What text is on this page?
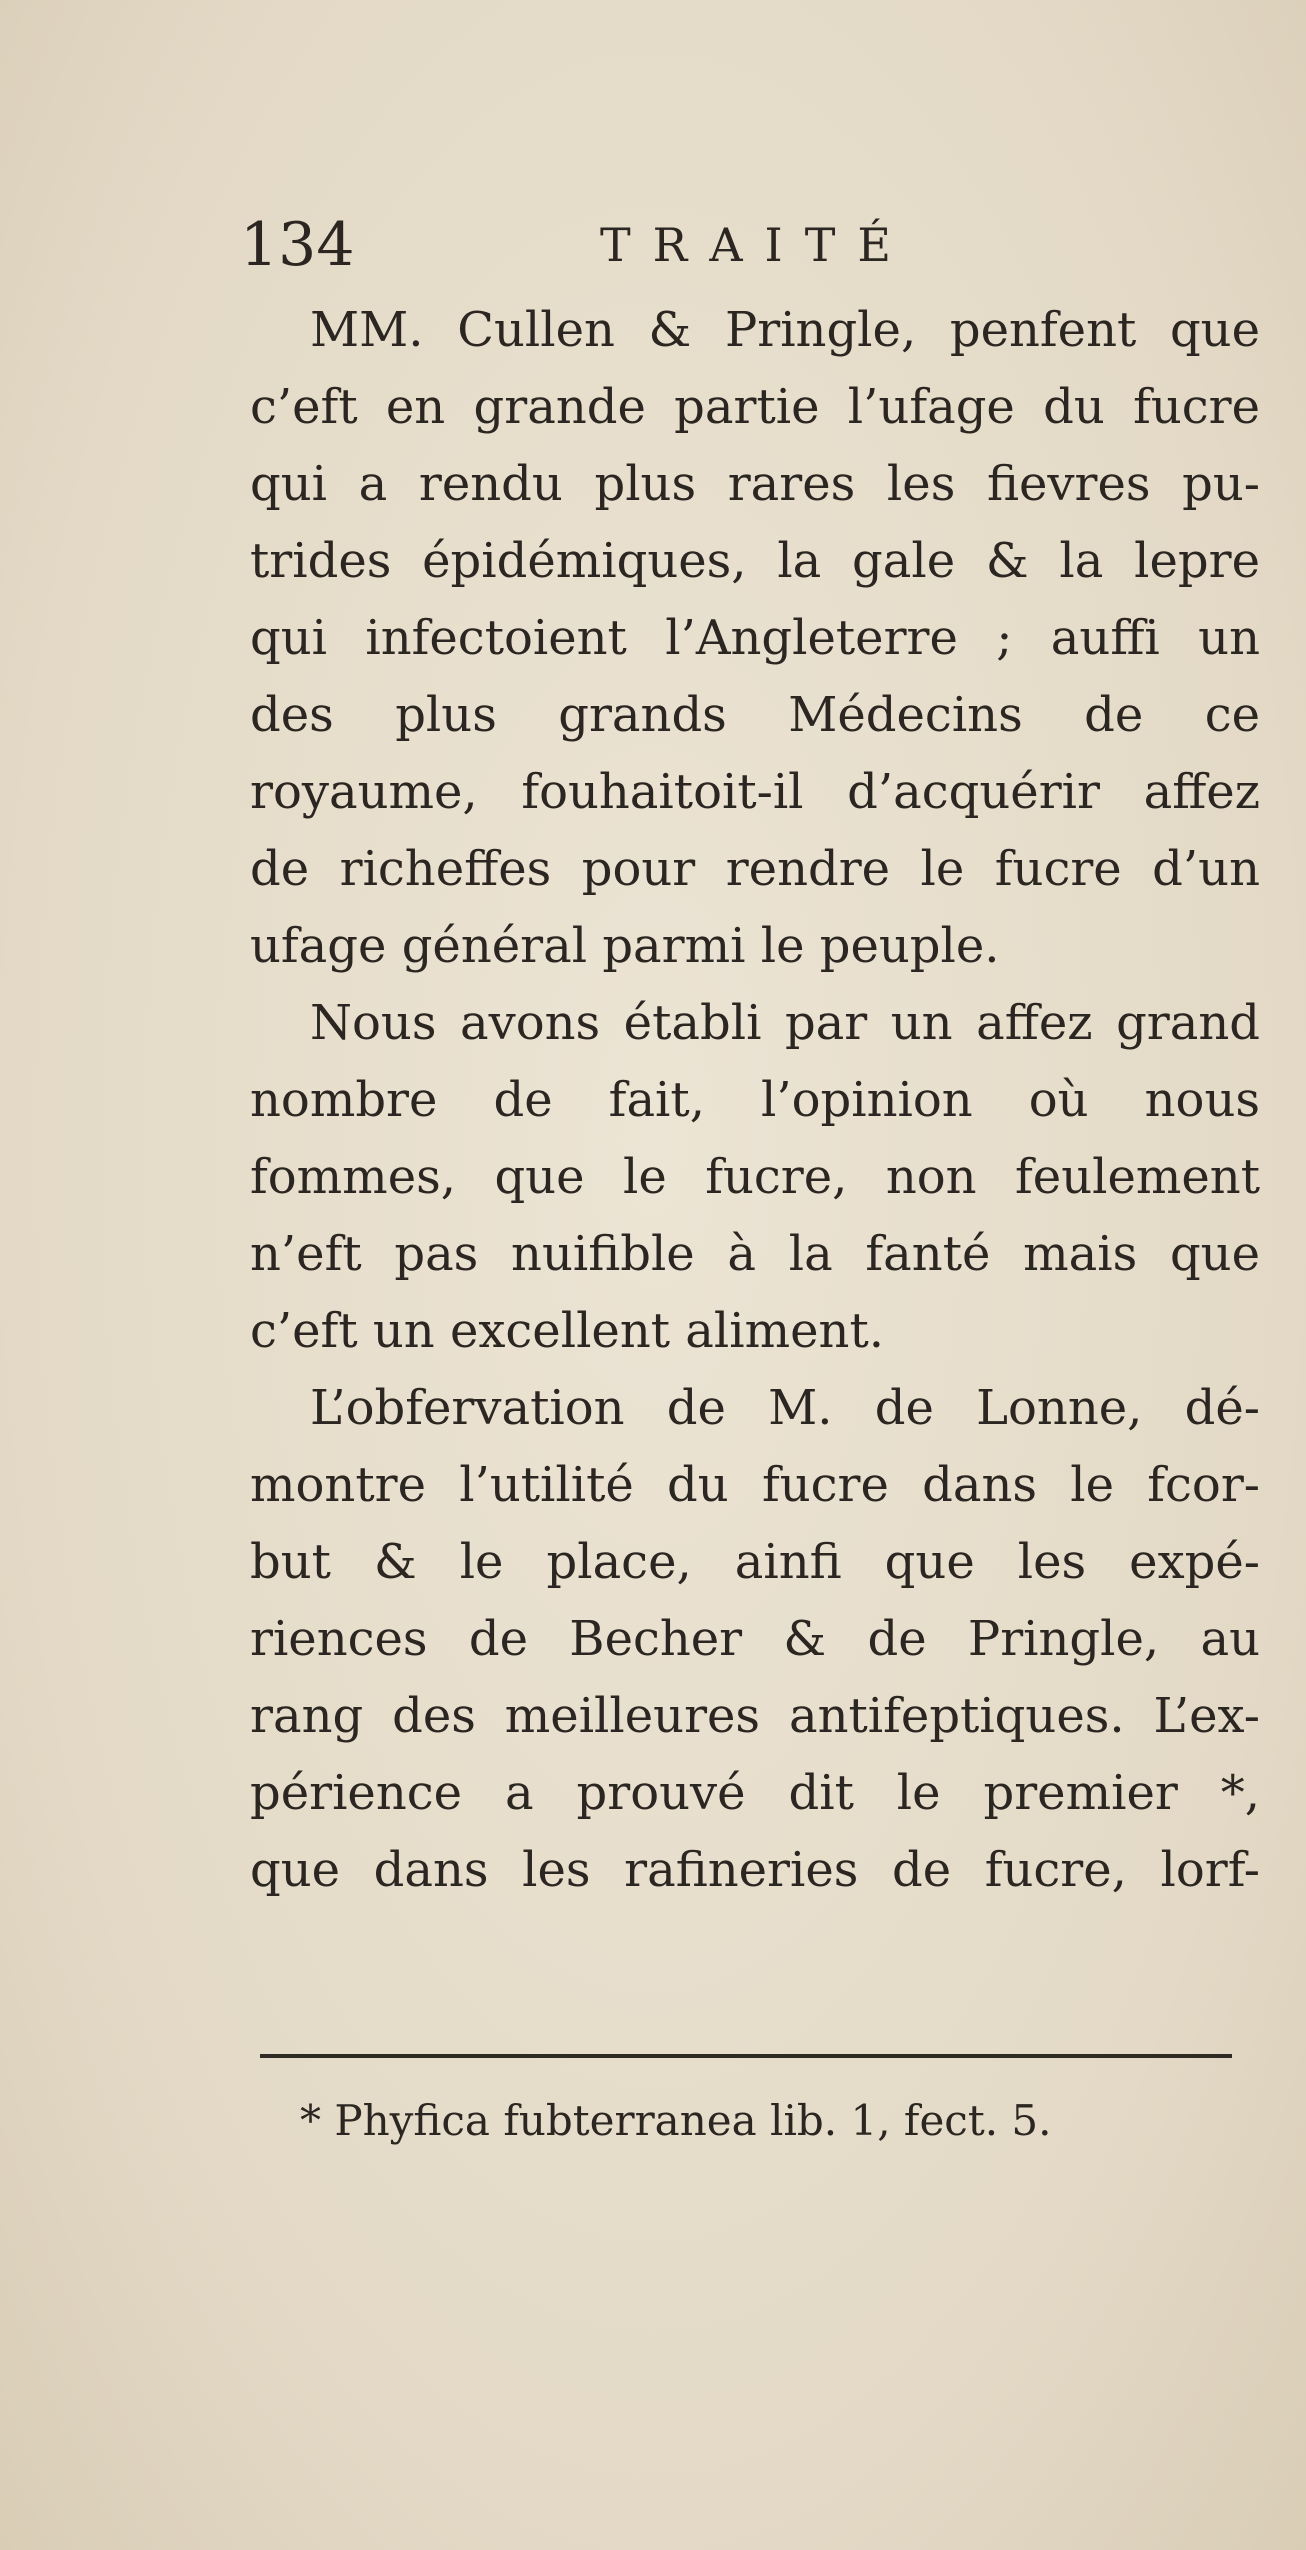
134	TRAITÉ
MM. Cullen & Pringle, penfent que
c’eft en grande partie l’ufage du fucre
qui a rendu plus rares les fievres pu-
trides épidémiques, la gale & la lepre
qui infectoient l’Angleterre ; auffi un
des plus grands Médecins de ce
royaume, fouhaitoit-il d’acquérir affez
de richeffes pour rendre le fucre d’un
ufage général parmi le peuple.
Nous avons établi par un affez grand
nombre de fait, l’opinion où nous
fommes, que le fucre, non feulement
n’eft pas nuifible à la fanté mais que
c’eft un excellent aliment.
L’obfervation de M. de Lonne, dé-
montre l’utilité du fucre dans le fcor-
but & le place, ainfi que les expé-
riences de Becher & de Pringle, au
rang des meilleures antifeptiques. L’ex-
périence a prouvé dit le premier *,
que dans les rafineries de fucre, lorf-
* Phyfica fubterranea lib. 1, fect. 5.
